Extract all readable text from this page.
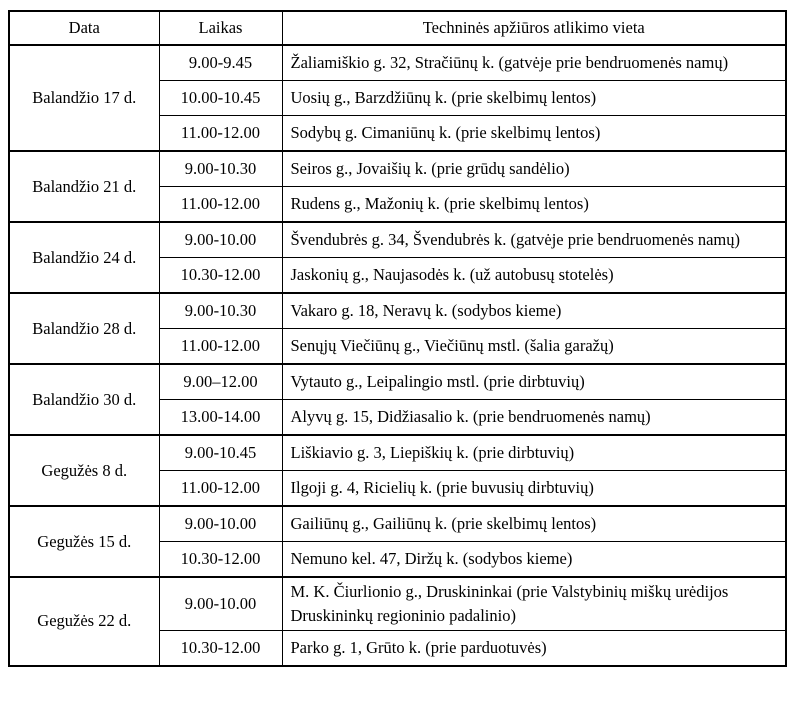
Data	Laikas	Techninės apžiūros atlikimo vieta
Balandžio 17 d.	9.00-9.45	Žaliamiškio g. 32, Stračiūnų k. (gatvėje prie bendruomenės namų)
	10.00-10.45	Uosių g., Barzdžiūnų k. (prie skelbimų lentos)
	11.00-12.00	Sodybų g. Cimaniūnų k. (prie skelbimų lentos)
Balandžio 21 d.	9.00-10.30	Seiros g., Jovaišių k. (prie grūdų sandėlio)
	11.00-12.00	Rudens g., Mažonių k. (prie skelbimų lentos)
Balandžio 24 d.	9.00-10.00	Švendubrės g. 34, Švendubrės k. (gatvėje prie bendruomenės namų)
	10.30-12.00	Jaskonių g., Naujasodės k. (už autobusų stotelės)
Balandžio 28 d.	9.00-10.30	Vakaro g. 18, Neravų k. (sodybos kieme)
	11.00-12.00	Senųjų Viečiūnų g., Viečiūnų mstl. (šalia garažų)
Balandžio 30 d.	9.00–12.00	Vytauto g., Leipalingio mstl. (prie dirbtuvių)
	13.00-14.00	Alyvų g. 15, Didžiasalio k. (prie bendruomenės namų)
Gegužės 8 d.	9.00-10.45	Liškiavio g. 3, Liepiškių k. (prie dirbtuvių)
	11.00-12.00	Ilgoji g. 4, Ricielių k. (prie buvusių dirbtuvių)
Gegužės 15 d.	9.00-10.00	Gailiūnų g., Gailiūnų k. (prie skelbimų lentos)
	10.30-12.00	Nemuno kel. 47, Diržų k. (sodybos kieme)
Gegužės 22 d.	9.00-10.00	M. K. Čiurlionio g., Druskininkai (prie Valstybinių miškų urėdijos Druskininkų regioninio padalinio)
	10.30-12.00	Parko g. 1, Grūto k. (prie parduotuvės)
